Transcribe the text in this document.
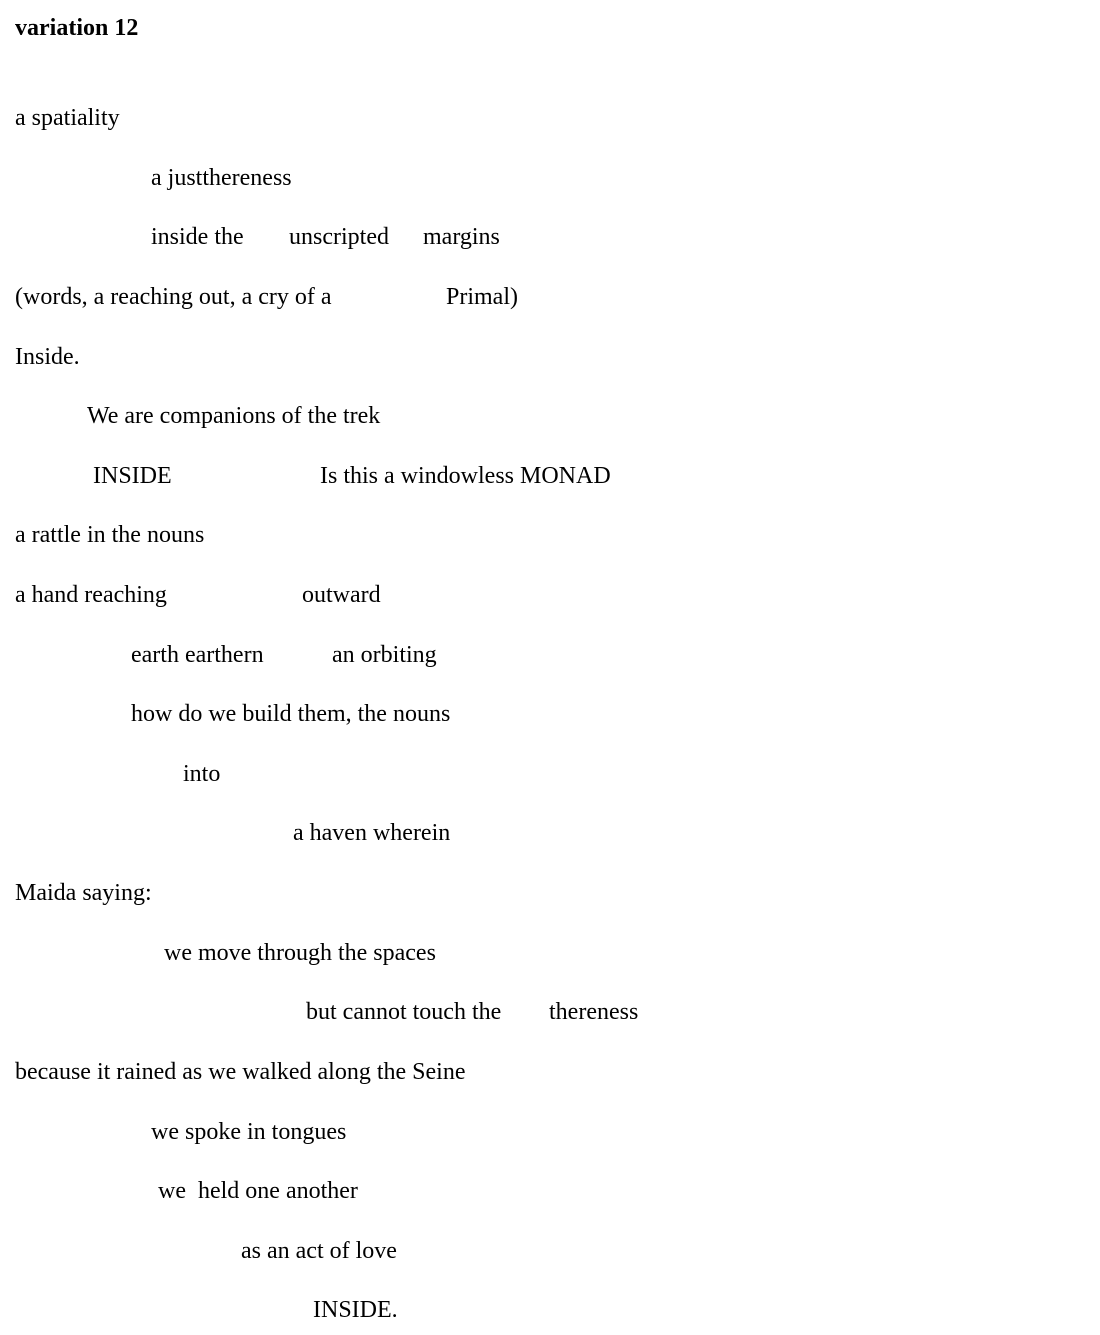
variation 12
a spatiality
a justthereness
inside the unscripted margins
(words, a reaching out, a cry of a	Primal)
Inside.
We are companions of the trek
INSIDE	Is this a windowless MONAD
a rattle in the nouns
a hand reaching	outward
earth earthern	an orbiting
how do we build them, the nouns
into
a haven wherein
Maida saying:
we move through the spaces
but cannot touch the thereness
because it rained as we walked along the Seine
we spoke in tongues
we  held one another
as an act of love
INSIDE.
